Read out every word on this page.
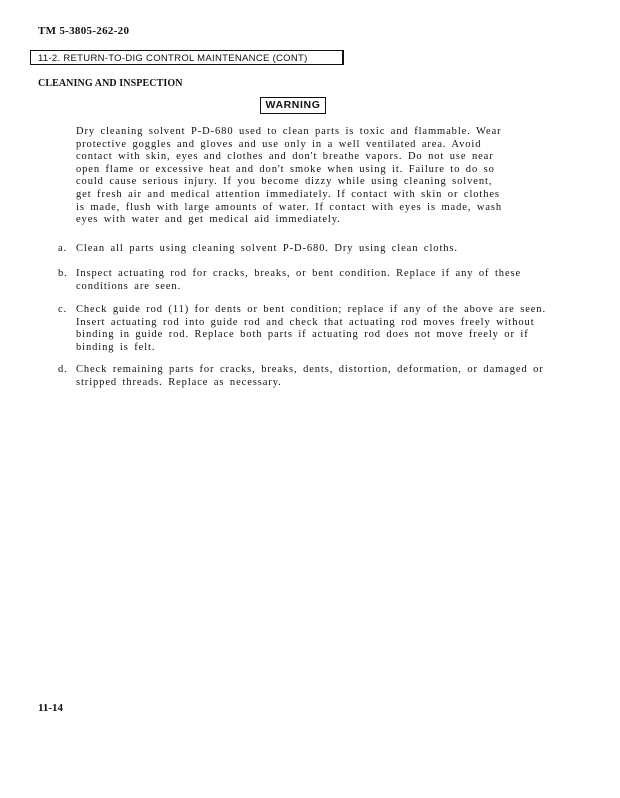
TM 5-3805-262-20
11-2. RETURN-TO-DIG CONTROL MAINTENANCE (CONT)
CLEANING AND INSPECTION
WARNING
Dry cleaning solvent P-D-680 used to clean parts is toxic and flammable. Wear protective goggles and gloves and use only in a well ventilated area. Avoid contact with skin, eyes and clothes and don't breathe vapors. Do not use near open flame or excessive heat and don't smoke when using it. Failure to do so could cause serious injury. If you become dizzy while using cleaning solvent, get fresh air and medical attention immediately. If contact with skin or clothes is made, flush with large amounts of water. If contact with eyes is made, wash eyes with water and get medical aid immediately.
a. Clean all parts using cleaning solvent P-D-680. Dry using clean cloths.
b. Inspect actuating rod for cracks, breaks, or bent condition. Replace if any of these conditions are seen.
c. Check guide rod (11) for dents or bent condition; replace if any of the above are seen. Insert actuating rod into guide rod and check that actuating rod moves freely without binding in guide rod. Replace both parts if actuating rod does not move freely or if binding is felt.
d. Check remaining parts for cracks, breaks, dents, distortion, deformation, or damaged or stripped threads. Replace as necessary.
11-14
